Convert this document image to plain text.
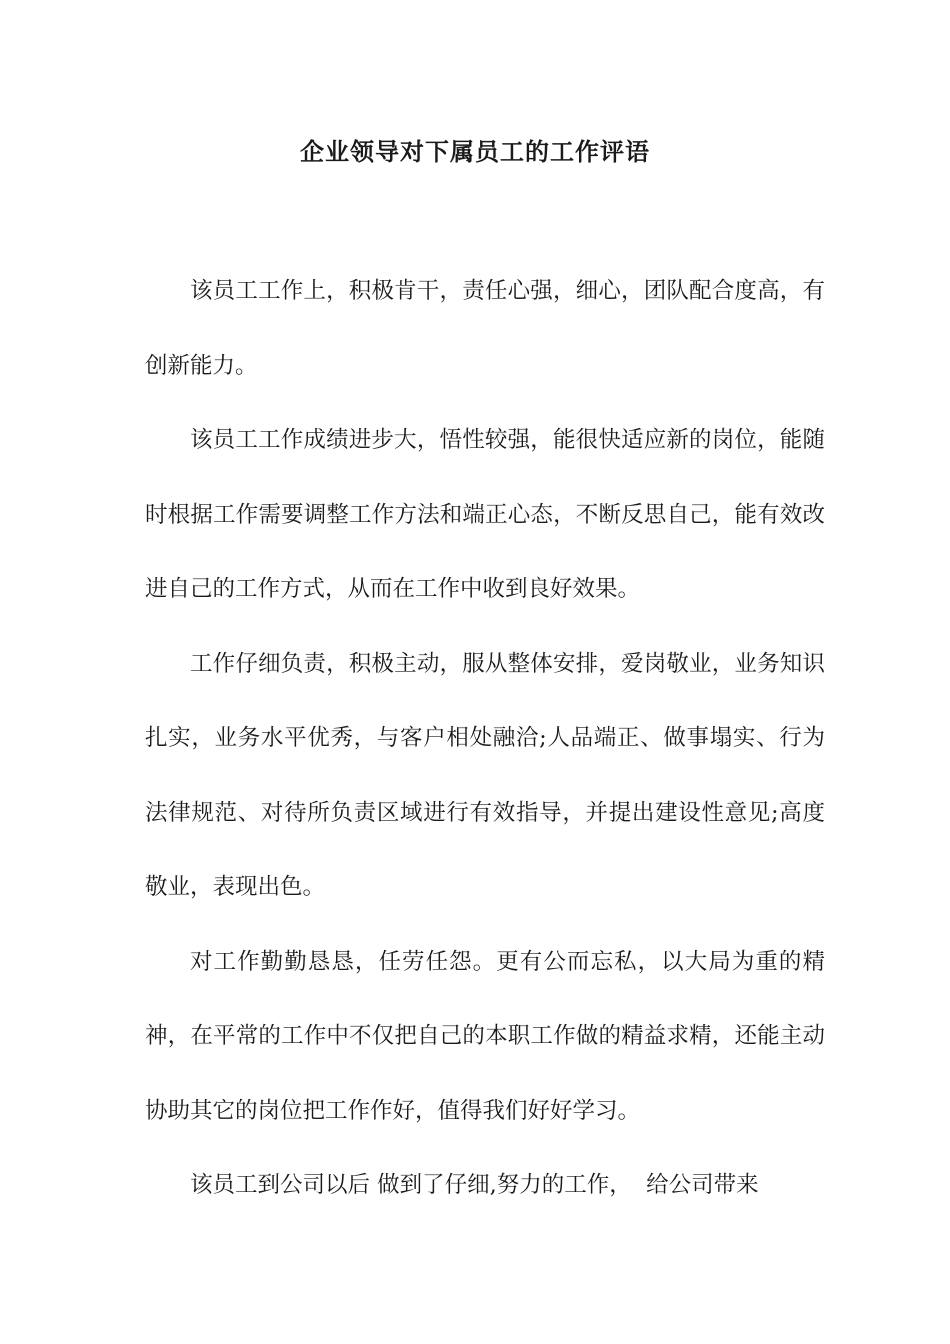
企业领导对下属员工的工作评语

该员工工作上，积极肯干，责任心强，细心，团队配合度高，有创新能力。

该员工工作成绩进步大，悟性较强，能很快适应新的岗位，能随时根据工作需要调整工作方法和端正心态，不断反思自己，能有效改进自己的工作方式，从而在工作中收到良好效果。

工作仔细负责，积极主动，服从整体安排，爱岗敬业，业务知识扎实，业务水平优秀，与客户相处融洽;人品端正、做事塌实、行为法律规范、对待所负责区域进行有效指导，并提出建设性意见;高度敬业，表现出色。

对工作勤勤恳恳，任劳任怨。更有公而忘私，以大局为重的精神，在平常的工作中不仅把自己的本职工作做的精益求精，还能主动协助其它的岗位把工作作好，值得我们好好学习。

该员工到公司以后 做到了仔细,努力的工作，  给公司带来
